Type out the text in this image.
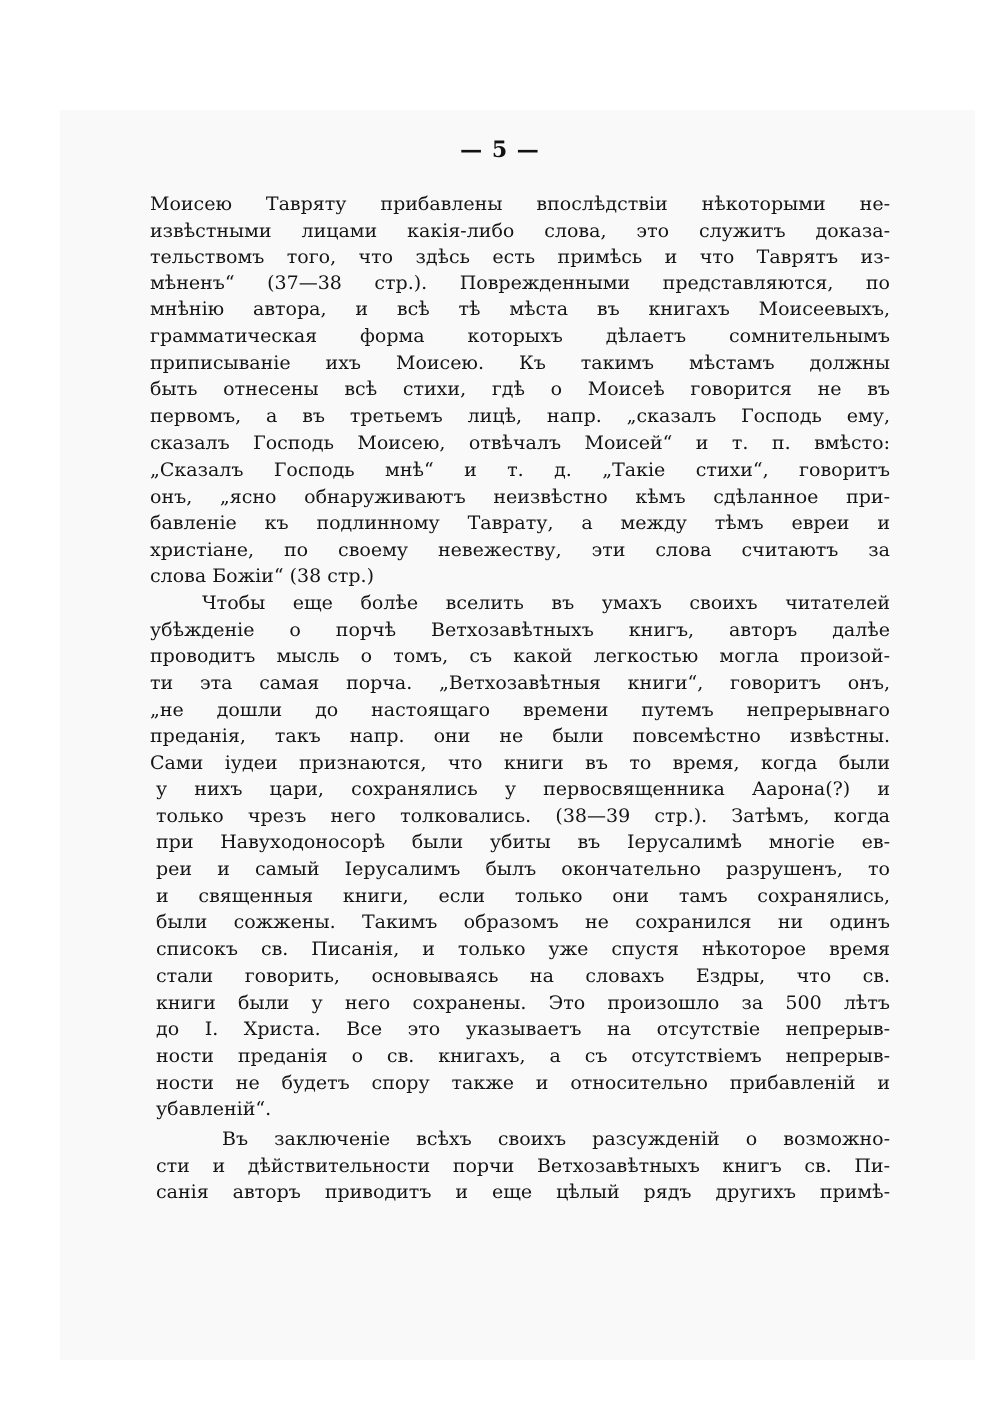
— 5 —
Моисею Тавряту прибавлены впослѣдствіи нѣкоторыми не-
извѣстными лицами какія-либо слова, это служитъ доказа-
тельствомъ того, что здѣсь есть примѣсь и что Таврятъ из-
мѣненъ“ (37—38 стр.). Поврежденными представляются, по
мнѣнію автора, и всѣ тѣ мѣста въ книгахъ Моисеевыхъ,
грамматическая форма которыхъ дѣлаетъ сомнительнымъ
приписываніе ихъ Моисею. Къ такимъ мѣстамъ должны
быть отнесены всѣ стихи, гдѣ о Моисеѣ говорится не въ
первомъ, а въ третьемъ лицѣ, напр. „сказалъ Господь ему,
сказалъ Господь Моисею, отвѣчалъ Моисей“ и т. п. вмѣсто:
„Сказалъ Господь мнѣ“ и т. д. „Такіе стихи“, говоритъ
онъ, „ясно обнаруживаютъ неизвѣстно кѣмъ сдѣланное при-
бавленіе къ подлинному Таврату, а между тѣмъ евреи и
христіане, по своему невежеству, эти слова считаютъ за
слова Божіи“ (38 стр.)
Чтобы еще болѣе вселить въ умахъ своихъ читателей
убѣжденіе о порчѣ Ветхозавѣтныхъ книгъ, авторъ далѣе
проводитъ мысль о томъ, съ какой легкостью могла произой-
ти эта самая порча. „Ветхозавѣтныя книги“, говоритъ онъ,
„не дошли до настоящаго времени путемъ непрерывнаго
преданія, такъ напр. они не были повсемѣстно извѣстны.
Сами іудеи признаются, что книги въ то время, когда были
у нихъ цари, сохранялись у первосвященника Аарона(?) и
только чрезъ него толковались. (38—39 стр.). Затѣмъ, когда
при Навуходоносорѣ были убиты въ Іерусалимѣ многіе ев-
реи и самый Іерусалимъ былъ окончательно разрушенъ, то
и священныя книги, если только они тамъ сохранялись,
были сожжены. Такимъ образомъ не сохранился ни одинъ
списокъ св. Писанія, и только уже спустя нѣкоторое время
стали говорить, основываясь на словахъ Ездры, что св.
книги были у него сохранены. Это произошло за 500 лѣтъ
до І. Христа. Все это указываетъ на отсутствіе непрерыв-
ности преданія о св. книгахъ, а съ отсутствіемъ непрерыв-
ности не будетъ спору также и относительно прибавленій и
убавленій“.
Въ заключеніе всѣхъ своихъ разсужденій о возможно-
сти и дѣйствительности порчи Ветхозавѣтныхъ книгъ св. Пи-
санія авторъ приводитъ и еще цѣлый рядъ другихъ примѣ-
